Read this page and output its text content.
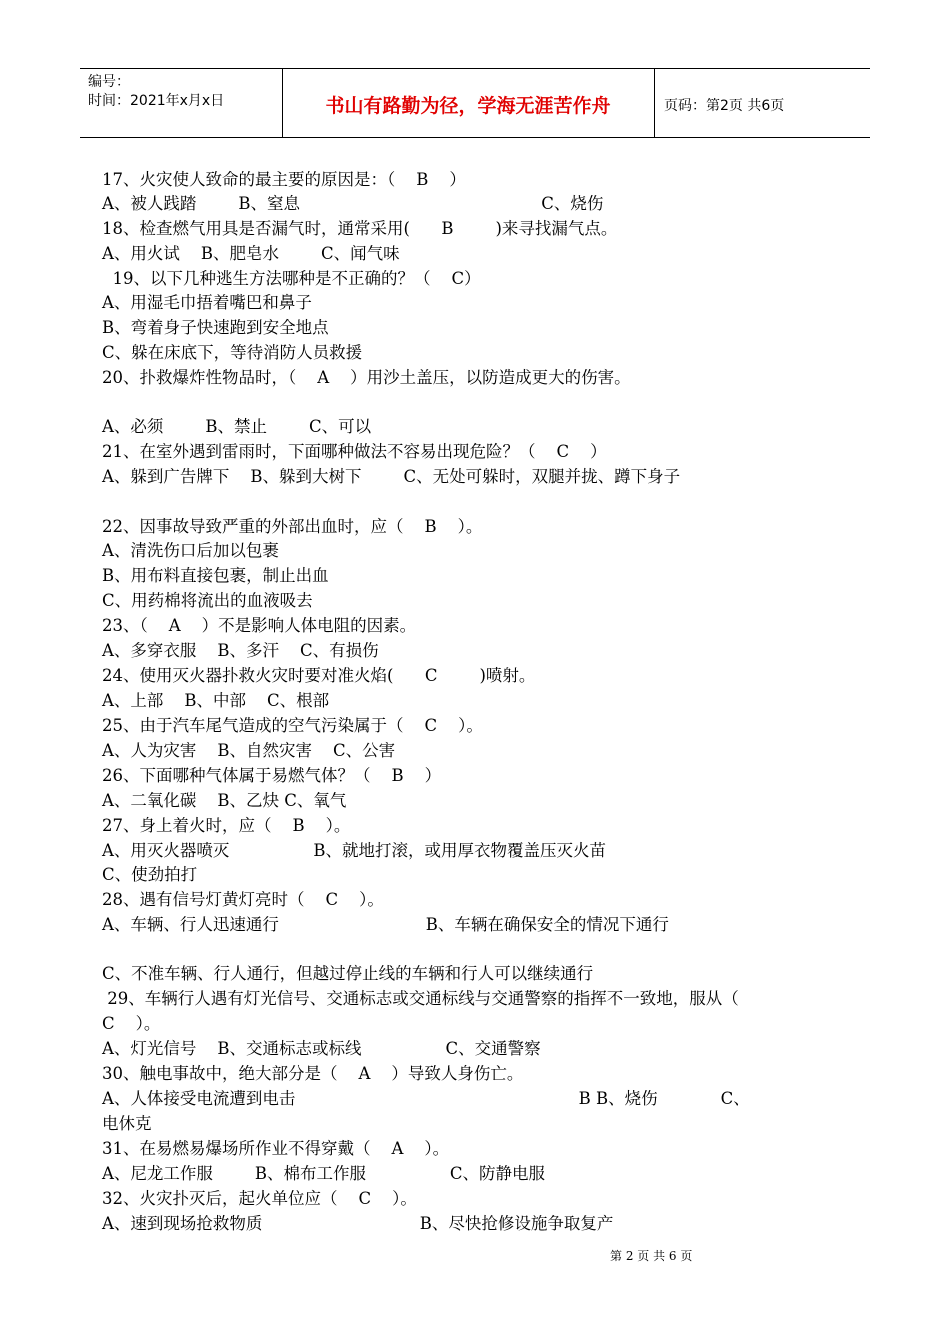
编号：
时间：2021年x月x日	书山有路勤为径，学海无涯苦作舟	页码：第2页 共6页
17、火灾使人致命的最主要的原因是：（    B    ）
A、被人践踏        B、窒息                                              C、烧伤
18、检查燃气用具是否漏气时，通常采用(      B        )来寻找漏气点。
A、用火试    B、肥皂水        C、闻气味
19、以下几种逃生方法哪种是不正确的？（    C）
A、用湿毛巾捂着嘴巴和鼻子
B、弯着身子快速跑到安全地点
C、躲在床底下，等待消防人员救援
20、扑救爆炸性物品时，（    A    ）用沙土盖压，以防造成更大的伤害。
A、必须        B、禁止        C、可以
21、在室外遇到雷雨时，下面哪种做法不容易出现危险？（    C    ）
A、躲到广告牌下    B、躲到大树下        C、无处可躲时，双腿并拢、蹲下身子
22、因事故导致严重的外部出血时，应（    B    ）。
A、清洗伤口后加以包裹
B、用布料直接包裹，制止出血
C、用药棉将流出的血液吸去
23、（    A    ）不是影响人体电阻的因素。
A、多穿衣服    B、多汗    C、有损伤
24、使用灭火器扑救火灾时要对准火焰(      C        )喷射。
A、上部    B、中部    C、根部
25、由于汽车尾气造成的空气污染属于（    C    ）。
A、人为灾害    B、自然灾害    C、公害
26、下面哪种气体属于易燃气体？（    B    ）
A、二氧化碳    B、乙炔 C、氧气
27、身上着火时，应（    B    ）。
A、用灭火器喷灭                B、就地打滚，或用厚衣物覆盖压灭火苗
C、使劲拍打
28、遇有信号灯黄灯亮时（    C    ）。
A、车辆、行人迅速通行                            B、车辆在确保安全的情况下通行
C、不准车辆、行人通行，但越过停止线的车辆和行人可以继续通行
29、车辆行人遇有灯光信号、交通标志或交通标线与交通警察的指挥不一致地，服从（
C    ）。
A、灯光信号    B、交通标志或标线                C、交通警察
30、触电事故中，绝大部分是（    A    ）导致人身伤亡。
A、人体接受电流遭到电击                                                      B B、烧伤            C、
电休克
31、在易燃易爆场所作业不得穿戴（    A    ）。
A、尼龙工作服        B、棉布工作服                C、防静电服
32、火灾扑灭后，起火单位应（    C    ）。
A、速到现场抢救物质                              B、尽快抢修设施争取复产
第 2 页 共 6 页
